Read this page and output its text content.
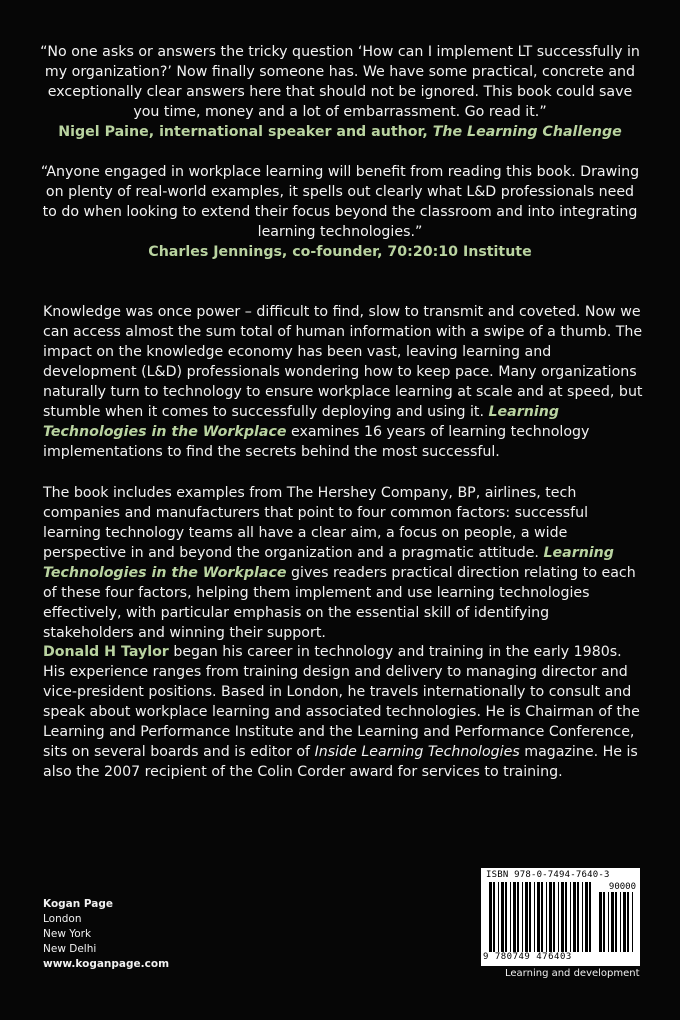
“No one asks or answers the tricky question ‘How can I implement LT successfully in my organization?’ Now finally someone has. We have some practical, concrete and exceptionally clear answers here that should not be ignored. This book could save you time, money and a lot of embarrassment. Go read it.”
Nigel Paine, international speaker and author, The Learning Challenge
“Anyone engaged in workplace learning will benefit from reading this book. Drawing on plenty of real-world examples, it spells out clearly what L&D professionals need to do when looking to extend their focus beyond the classroom and into integrating learning technologies.”
Charles Jennings, co-founder, 70:20:10 Institute
Knowledge was once power – difficult to find, slow to transmit and coveted. Now we can access almost the sum total of human information with a swipe of a thumb. The impact on the knowledge economy has been vast, leaving learning and development (L&D) professionals wondering how to keep pace. Many organizations naturally turn to technology to ensure workplace learning at scale and at speed, but stumble when it comes to successfully deploying and using it. Learning Technologies in the Workplace examines 16 years of learning technology implementations to find the secrets behind the most successful.
The book includes examples from The Hershey Company, BP, airlines, tech companies and manufacturers that point to four common factors: successful learning technology teams all have a clear aim, a focus on people, a wide perspective in and beyond the organization and a pragmatic attitude. Learning Technologies in the Workplace gives readers practical direction relating to each of these four factors, helping them implement and use learning technologies effectively, with particular emphasis on the essential skill of identifying stakeholders and winning their support.
Donald H Taylor began his career in technology and training in the early 1980s. His experience ranges from training design and delivery to managing director and vice-president positions. Based in London, he travels internationally to consult and speak about workplace learning and associated technologies. He is Chairman of the Learning and Performance Institute and the Learning and Performance Conference, sits on several boards and is editor of Inside Learning Technologies magazine. He is also the 2007 recipient of the Colin Corder award for services to training.
Kogan Page
London
New York
New Delhi
www.koganpage.com
ISBN 978-0-7494-7640-3
90000
9 780749 476403
Learning and development
